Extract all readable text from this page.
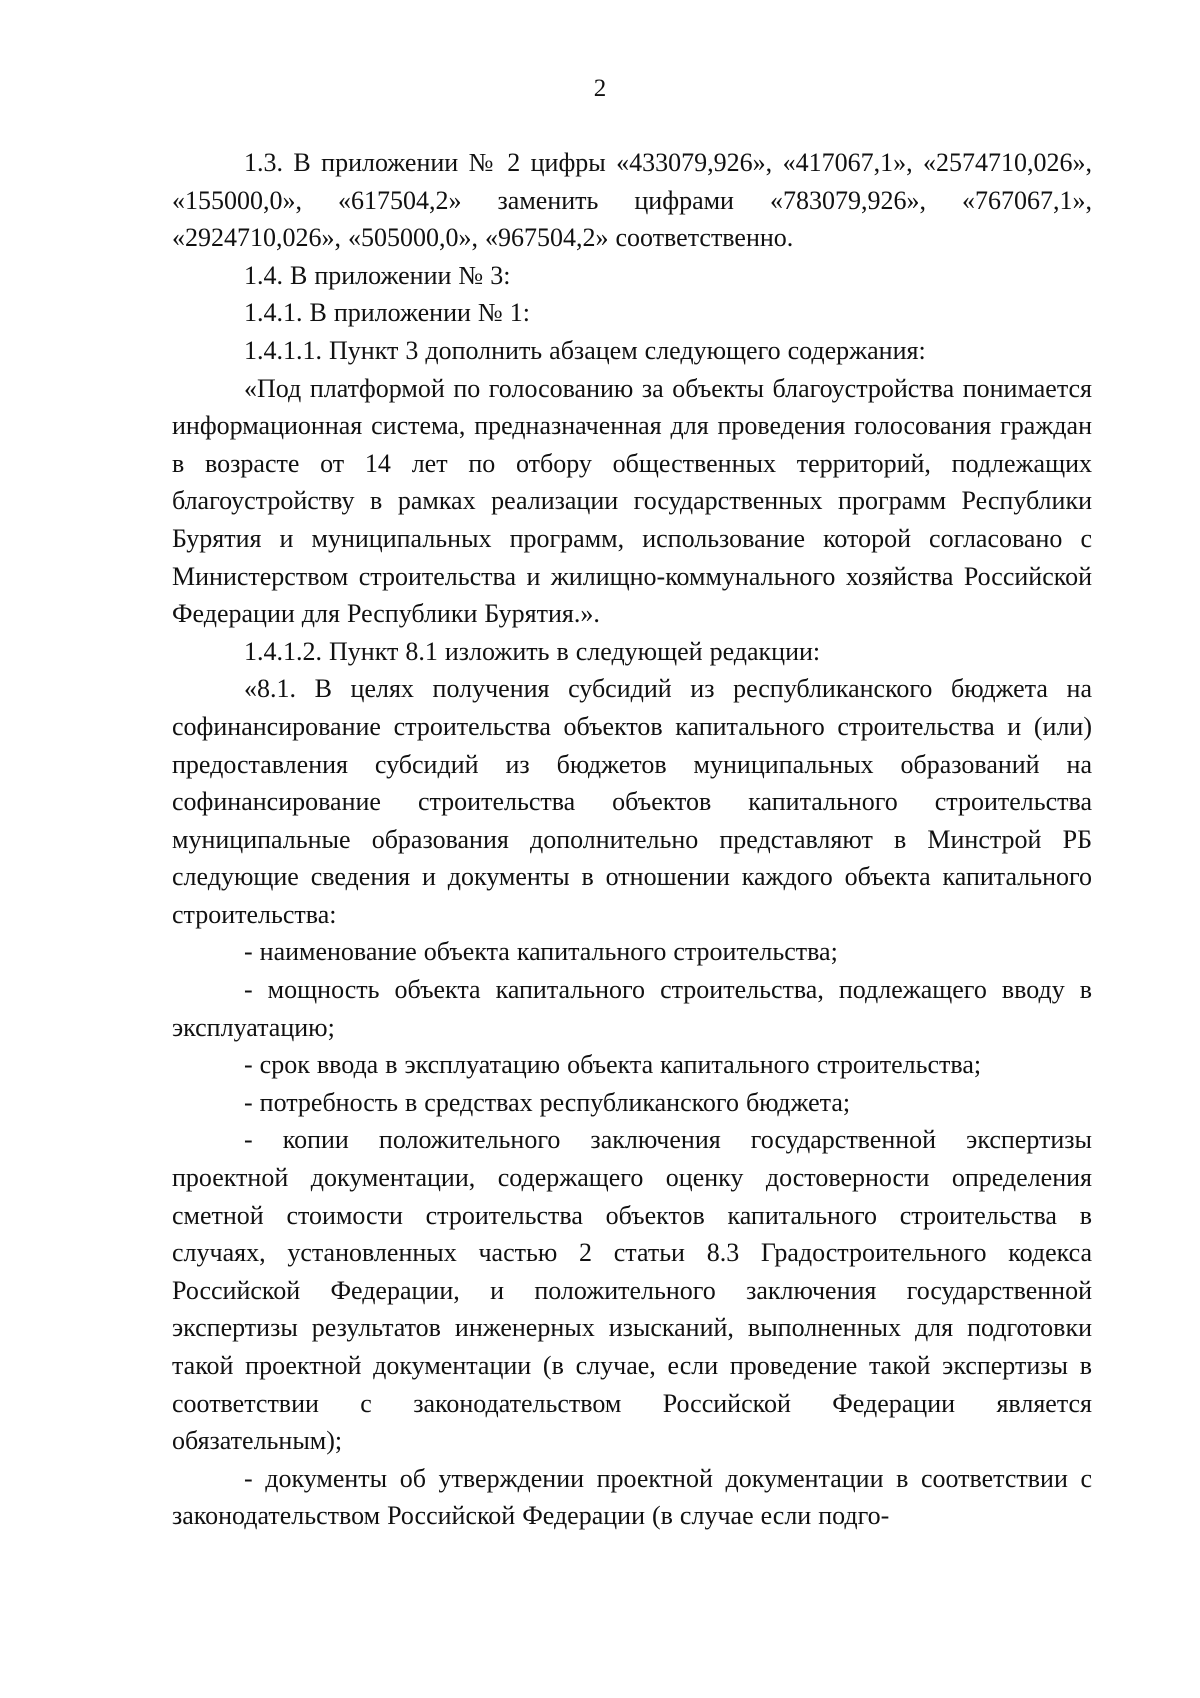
2

1.3. В приложении № 2 цифры «433079,926», «417067,1», «2574710,026», «155000,0», «617504,2» заменить цифрами «783079,926», «767067,1», «2924710,026», «505000,0», «967504,2» соответственно.

1.4. В приложении № 3:

1.4.1. В приложении № 1:

1.4.1.1. Пункт 3 дополнить абзацем следующего содержания:

«Под платформой по голосованию за объекты благоустройства понимается информационная система, предназначенная для проведения голосования граждан в возрасте от 14 лет по отбору общественных территорий, подлежащих благоустройству в рамках реализации государственных программ Республики Бурятия и муниципальных программ, использование которой согласовано с Министерством строительства и жилищно-коммунального хозяйства Российской Федерации для Республики Бурятия.».

1.4.1.2. Пункт 8.1 изложить в следующей редакции:

«8.1. В целях получения субсидий из республиканского бюджета на софинансирование строительства объектов капитального строительства и (или) предоставления субсидий из бюджетов муниципальных образований на софинансирование строительства объектов капитального строительства муниципальные образования дополнительно представляют в Минстрой РБ следующие сведения и документы в отношении каждого объекта капитального строительства:

- наименование объекта капитального строительства;

- мощность объекта капитального строительства, подлежащего вводу в эксплуатацию;

- срок ввода в эксплуатацию объекта капитального строительства;

- потребность в средствах республиканского бюджета;

- копии положительного заключения государственной экспертизы проектной документации, содержащего оценку достоверности определения сметной стоимости строительства объектов капитального строительства в случаях, установленных частью 2 статьи 8.3 Градостроительного кодекса Российской Федерации, и положительного заключения государственной экспертизы результатов инженерных изысканий, выполненных для подготовки такой проектной документации (в случае, если проведение такой экспертизы в соответствии с законодательством Российской Федерации является обязательным);

- документы об утверждении проектной документации в соответствии с законодательством Российской Федерации (в случае если подго-
